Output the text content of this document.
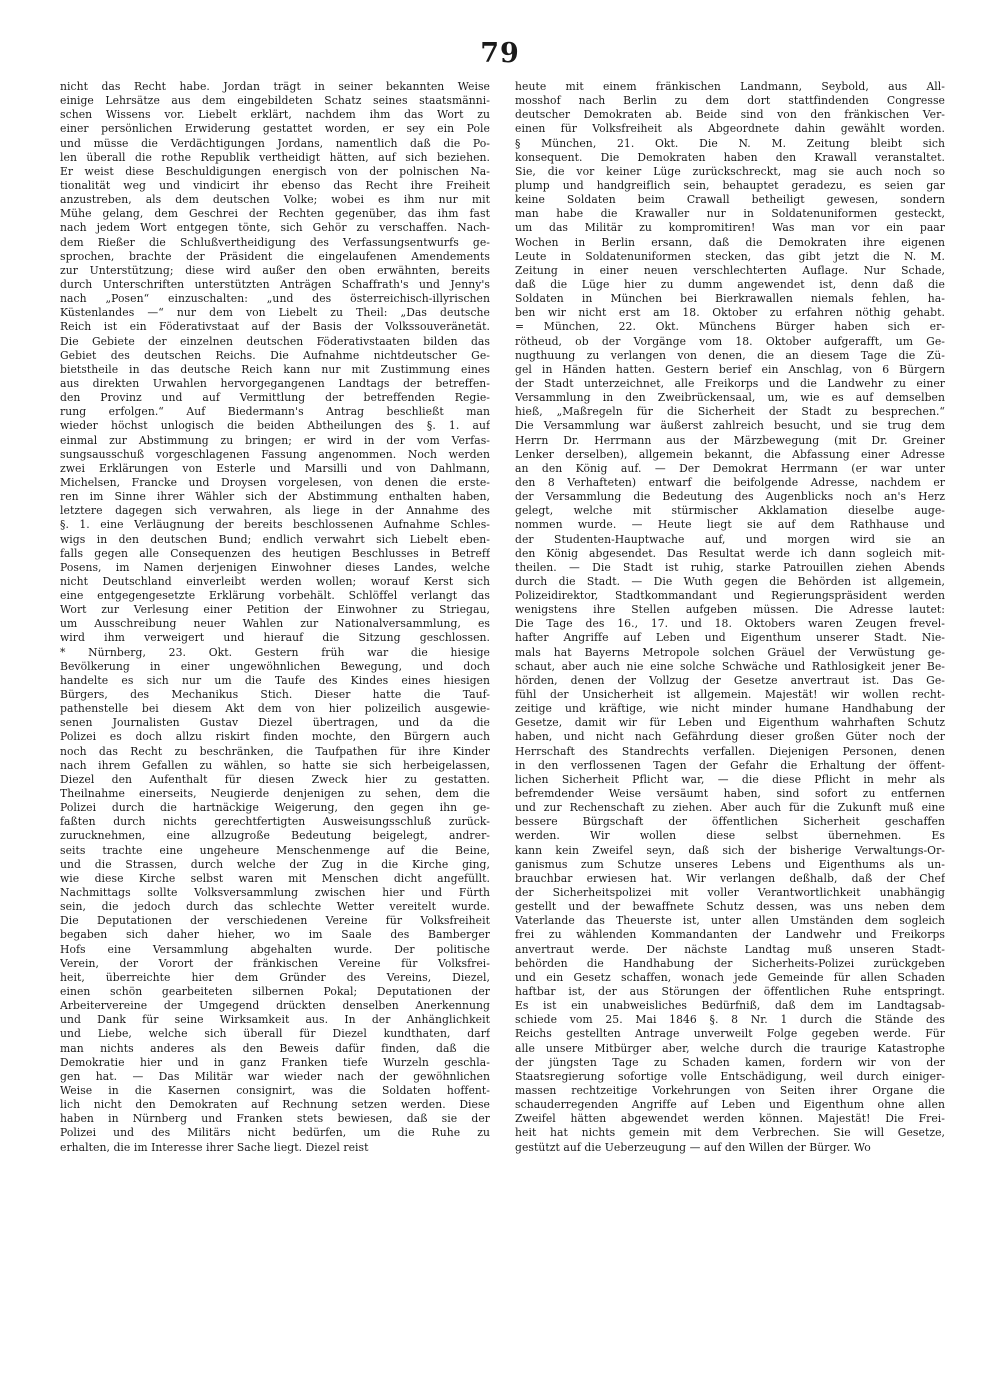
79
nicht das Recht habe. Jordan trägt in seiner bekannten Weise
einige Lehrsätze aus dem eingebildeten Schatz seines staatsmänni-
schen Wissens vor. Liebelt erklärt, nachdem ihm das Wort zu
einer persönlichen Erwiderung gestattet worden, er sey ein Pole
und müsse die Verdächtigungen Jordans, namentlich daß die Po-
len überall die rothe Republik vertheidigt hätten, auf sich beziehen.
Er weist diese Beschuldigungen energisch von der polnischen Na-
tionalität weg und vindicirt ihr ebenso das Recht ihre Freiheit
anzustreben, als dem deutschen Volke; wobei es ihm nur mit
Mühe gelang, dem Geschrei der Rechten gegenüber, das ihm fast
nach jedem Wort entgegen tönte, sich Gehör zu verschaffen. Nach-
dem Rießer die Schlußvertheidigung des Verfassungsentwurfs ge-
sprochen, brachte der Präsident die eingelaufenen Amendements
zur Unterstützung; diese wird außer den oben erwähnten, bereits
durch Unterschriften unterstützten Anträgen Schaffrath's und Jenny's
nach „Posen“ einzuschalten: „und des österreichisch-illyrischen
Küstenlandes —“ nur dem von Liebelt zu Theil: „Das deutsche
Reich ist ein Föderativstaat auf der Basis der Volkssouveränetät.
Die Gebiete der einzelnen deutschen Föderativstaaten bilden das
Gebiet des deutschen Reichs. Die Aufnahme nichtdeutscher Ge-
bietstheile in das deutsche Reich kann nur mit Zustimmung eines
aus direkten Urwahlen hervorgegangenen Landtags der betreffen-
den Provinz und auf Vermittlung der betreffenden Regie-
rung erfolgen.“ Auf Biedermann's Antrag beschließt man
wieder höchst unlogisch die beiden Abtheilungen des §. 1. auf
einmal zur Abstimmung zu bringen; er wird in der vom Verfas-
sungsausschuß vorgeschlagenen Fassung angenommen. Noch werden
zwei Erklärungen von Esterle und Marsilli und von Dahlmann,
Michelsen, Francke und Droysen vorgelesen, von denen die erste-
ren im Sinne ihrer Wähler sich der Abstimmung enthalten haben,
letztere dagegen sich verwahren, als liege in der Annahme des
§. 1. eine Verläugnung der bereits beschlossenen Aufnahme Schles-
wigs in den deutschen Bund; endlich verwahrt sich Liebelt eben-
falls gegen alle Consequenzen des heutigen Beschlusses in Betreff
Posens, im Namen derjenigen Einwohner dieses Landes, welche
nicht Deutschland einverleibt werden wollen; worauf Kerst sich
eine entgegengesetzte Erklärung vorbehält. Schlöffel verlangt das
Wort zur Verlesung einer Petition der Einwohner zu Striegau,
um Ausschreibung neuer Wahlen zur Nationalversammlung, es
wird ihm verweigert und hierauf die Sitzung geschlossen.
* Nürnberg, 23. Okt. Gestern früh war die hiesige
Bevölkerung in einer ungewöhnlichen Bewegung, und doch
handelte es sich nur um die Taufe des Kindes eines hiesigen
Bürgers, des Mechanikus Stich. Dieser hatte die Tauf-
pathenstelle bei diesem Akt dem von hier polizeilich ausgewie-
senen Journalisten Gustav Diezel übertragen, und da die
Polizei es doch allzu riskirt finden mochte, den Bürgern auch
noch das Recht zu beschränken, die Taufpathen für ihre Kinder
nach ihrem Gefallen zu wählen, so hatte sie sich herbeigelassen,
Diezel den Aufenthalt für diesen Zweck hier zu gestatten.
Theilnahme einerseits, Neugierde denjenigen zu sehen, dem die
Polizei durch die hartnäckige Weigerung, den gegen ihn ge-
faßten durch nichts gerechtfertigten Ausweisungsschluß zurück-
zurucknehmen, eine allzugroße Bedeutung beigelegt, andrer-
seits trachte eine ungeheure Menschenmenge auf die Beine,
und die Strassen, durch welche der Zug in die Kirche ging,
wie diese Kirche selbst waren mit Menschen dicht angefüllt.
Nachmittags sollte Volksversammlung zwischen hier und Fürth
sein, die jedoch durch das schlechte Wetter vereitelt wurde.
Die Deputationen der verschiedenen Vereine für Volksfreiheit
begaben sich daher hieher, wo im Saale des Bamberger
Hofs eine Versammlung abgehalten wurde. Der politische
Verein, der Vorort der fränkischen Vereine für Volksfrei-
heit, überreichte hier dem Gründer des Vereins, Diezel,
einen schön gearbeiteten silbernen Pokal; Deputationen der
Arbeitervereine der Umgegend drückten denselben Anerkennung
und Dank für seine Wirksamkeit aus. In der Anhänglichkeit
und Liebe, welche sich überall für Diezel kundthaten, darf
man nichts anderes als den Beweis dafür finden, daß die
Demokratie hier und in ganz Franken tiefe Wurzeln geschla-
gen hat. — Das Militär war wieder nach der gewöhnlichen
Weise in die Kasernen consignirt, was die Soldaten hoffent-
lich nicht den Demokraten auf Rechnung setzen werden. Diese
haben in Nürnberg und Franken stets bewiesen, daß sie der
Polizei und des Militärs nicht bedürfen, um die Ruhe zu
erhalten, die im Interesse ihrer Sache liegt. Diezel reist
heute mit einem fränkischen Landmann, Seybold, aus All-
mosshof nach Berlin zu dem dort stattfindenden Congresse
deutscher Demokraten ab. Beide sind von den fränkischen Ver-
einen für Volksfreiheit als Abgeordnete dahin gewählt worden.
§ München, 21. Okt. Die N. M. Zeitung bleibt sich
konsequent. Die Demokraten haben den Krawall veranstaltet.
Sie, die vor keiner Lüge zurückschreckt, mag sie auch noch so
plump und handgreiflich sein, behauptet geradezu, es seien gar
keine Soldaten beim Crawall betheiligt gewesen, sondern
man habe die Krawaller nur in Soldatenuniformen gesteckt,
um das Militär zu kompromitiren! Was man vor ein paar
Wochen in Berlin ersann, daß die Demokraten ihre eigenen
Leute in Soldatenuniformen stecken, das gibt jetzt die N. M.
Zeitung in einer neuen verschlechterten Auflage. Nur Schade,
daß die Lüge hier zu dumm angewendet ist, denn daß die
Soldaten in München bei Bierkrawallen niemals fehlen, ha-
ben wir nicht erst am 18. Oktober zu erfahren nöthig gehabt.
= München, 22. Okt. Münchens Bürger haben sich er-
rötheud, ob der Vorgänge vom 18. Oktober aufgerafft, um Ge-
nugthuung zu verlangen von denen, die an diesem Tage die Zü-
gel in Händen hatten. Gestern berief ein Anschlag, von 6 Bürgern
der Stadt unterzeichnet, alle Freikorps und die Landwehr zu einer
Versammlung in den Zweibrückensaal, um, wie es auf demselben
hieß, „Maßregeln für die Sicherheit der Stadt zu besprechen.“
Die Versammlung war äußerst zahlreich besucht, und sie trug dem
Herrn Dr. Herrmann aus der Märzbewegung (mit Dr. Greiner
Lenker derselben), allgemein bekannt, die Abfassung einer Adresse
an den König auf. — Der Demokrat Herrmann (er war unter
den 8 Verhafteten) entwarf die beifolgende Adresse, nachdem er
der Versammlung die Bedeutung des Augenblicks noch an's Herz
gelegt, welche mit stürmischer Akklamation dieselbe auge-
nommen wurde. — Heute liegt sie auf dem Rathhause und
der Studenten-Hauptwache auf, und morgen wird sie an
den König abgesendet. Das Resultat werde ich dann sogleich mit-
theilen. — Die Stadt ist ruhig, starke Patrouillen ziehen Abends
durch die Stadt. — Die Wuth gegen die Behörden ist allgemein,
Polizeidirektor, Stadtkommandant und Regierungspräsident werden
wenigstens ihre Stellen aufgeben müssen. Die Adresse lautet:
Die Tage des 16., 17. und 18. Oktobers waren Zeugen frevel-
hafter Angriffe auf Leben und Eigenthum unserer Stadt. Nie-
mals hat Bayerns Metropole solchen Gräuel der Verwüstung ge-
schaut, aber auch nie eine solche Schwäche und Rathlosigkeit jener Be-
hörden, denen der Vollzug der Gesetze anvertraut ist. Das Ge-
fühl der Unsicherheit ist allgemein. Majestät! wir wollen recht-
zeitige und kräftige, wie nicht minder humane Handhabung der
Gesetze, damit wir für Leben und Eigenthum wahrhaften Schutz
haben, und nicht nach Gefährdung dieser großen Güter noch der
Herrschaft des Standrechts verfallen. Diejenigen Personen, denen
in den verflossenen Tagen der Gefahr die Erhaltung der öffent-
lichen Sicherheit Pflicht war, — die diese Pflicht in mehr als
befremdender Weise versäumt haben, sind sofort zu entfernen
und zur Rechenschaft zu ziehen. Aber auch für die Zukunft muß eine
bessere Bürgschaft der öffentlichen Sicherheit geschaffen
werden. Wir wollen diese selbst übernehmen. Es
kann kein Zweifel seyn, daß sich der bisherige Verwaltungs-Or-
ganismus zum Schutze unseres Lebens und Eigenthums als un-
brauchbar erwiesen hat. Wir verlangen deßhalb, daß der Chef
der Sicherheitspolizei mit voller Verantwortlichkeit unabhängig
gestellt und der bewaffnete Schutz dessen, was uns neben dem
Vaterlande das Theuerste ist, unter allen Umständen dem sogleich
frei zu wählenden Kommandanten der Landwehr und Freikorps
anvertraut werde. Der nächste Landtag muß unseren Stadt-
behörden die Handhabung der Sicherheits-Polizei zurückgeben
und ein Gesetz schaffen, wonach jede Gemeinde für allen Schaden
haftbar ist, der aus Störungen der öffentlichen Ruhe entspringt.
Es ist ein unabweisliches Bedürfniß, daß dem im Landtagsab-
schiede vom 25. Mai 1846 §. 8 Nr. 1 durch die Stände des
Reichs gestellten Antrage unverweilt Folge gegeben werde. Für
alle unsere Mitbürger aber, welche durch die traurige Katastrophe
der jüngsten Tage zu Schaden kamen, fordern wir von der
Staatsregierung sofortige volle Entschädigung, weil durch einiger-
massen rechtzeitige Vorkehrungen von Seiten ihrer Organe die
schauderregenden Angriffe auf Leben und Eigenthum ohne allen
Zweifel hätten abgewendet werden können. Majestät! Die Frei-
heit hat nichts gemein mit dem Verbrechen. Sie will Gesetze,
gestützt auf die Ueberzeugung — auf den Willen der Bürger. Wo
